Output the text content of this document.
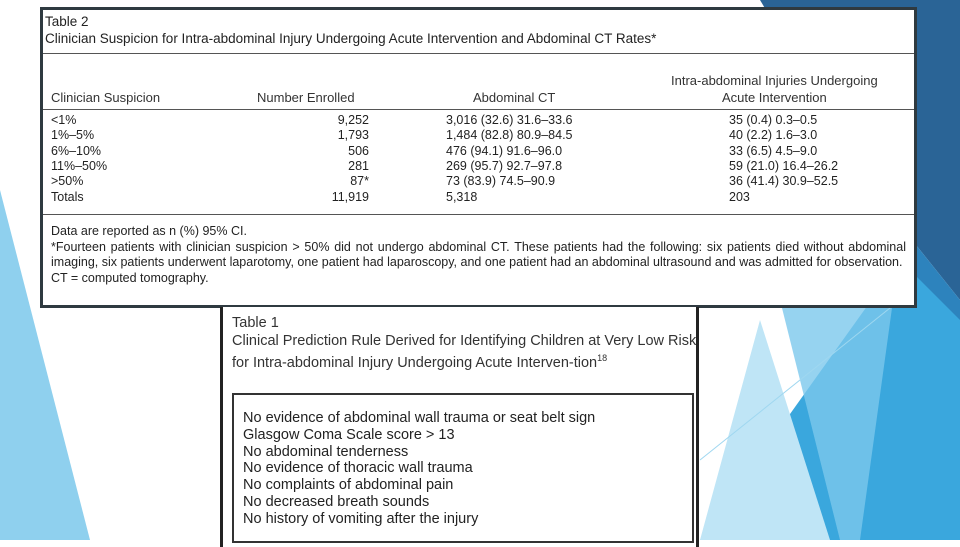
Table 2
Clinician Suspicion for Intra-abdominal Injury Undergoing Acute Intervention and Abdominal CT Rates*
Clinician Suspicion	Number Enrolled	Abdominal CT
Intra-abdominal Injuries Undergoing
Acute Intervention
<1%	9,252	3,016 (32.6) 31.6–33.6	35 (0.4) 0.3–0.5
1%–5%	1,793	1,484 (82.8) 80.9–84.5	40 (2.2) 1.6–3.0
6%–10%	506	476 (94.1) 91.6–96.0	33 (6.5) 4.5–9.0
11%–50%	281	269 (95.7) 92.7–97.8	59 (21.0) 16.4–26.2
>50%	87*	73 (83.9) 74.5–90.9	36 (41.4) 30.9–52.5
Totals	11,919	5,318	203
Data are reported as n (%) 95% CI.
*Fourteen patients with clinician suspicion > 50% did not undergo abdominal CT. These patients had the following: six patients died without abdominal imaging, six patients underwent laparotomy, one patient had laparoscopy, and one patient had an abdominal ultrasound and was admitted for observation.
CT = computed tomography.
Table 1
Clinical Prediction Rule Derived for Identifying Children at Very Low Risk for Intra-abdominal Injury Undergoing Acute Interven-tion$^{18}$
No evidence of abdominal wall trauma or seat belt sign
Glasgow Coma Scale score > 13
No abdominal tenderness
No evidence of thoracic wall trauma
No complaints of abdominal pain
No decreased breath sounds
No history of vomiting after the injury
